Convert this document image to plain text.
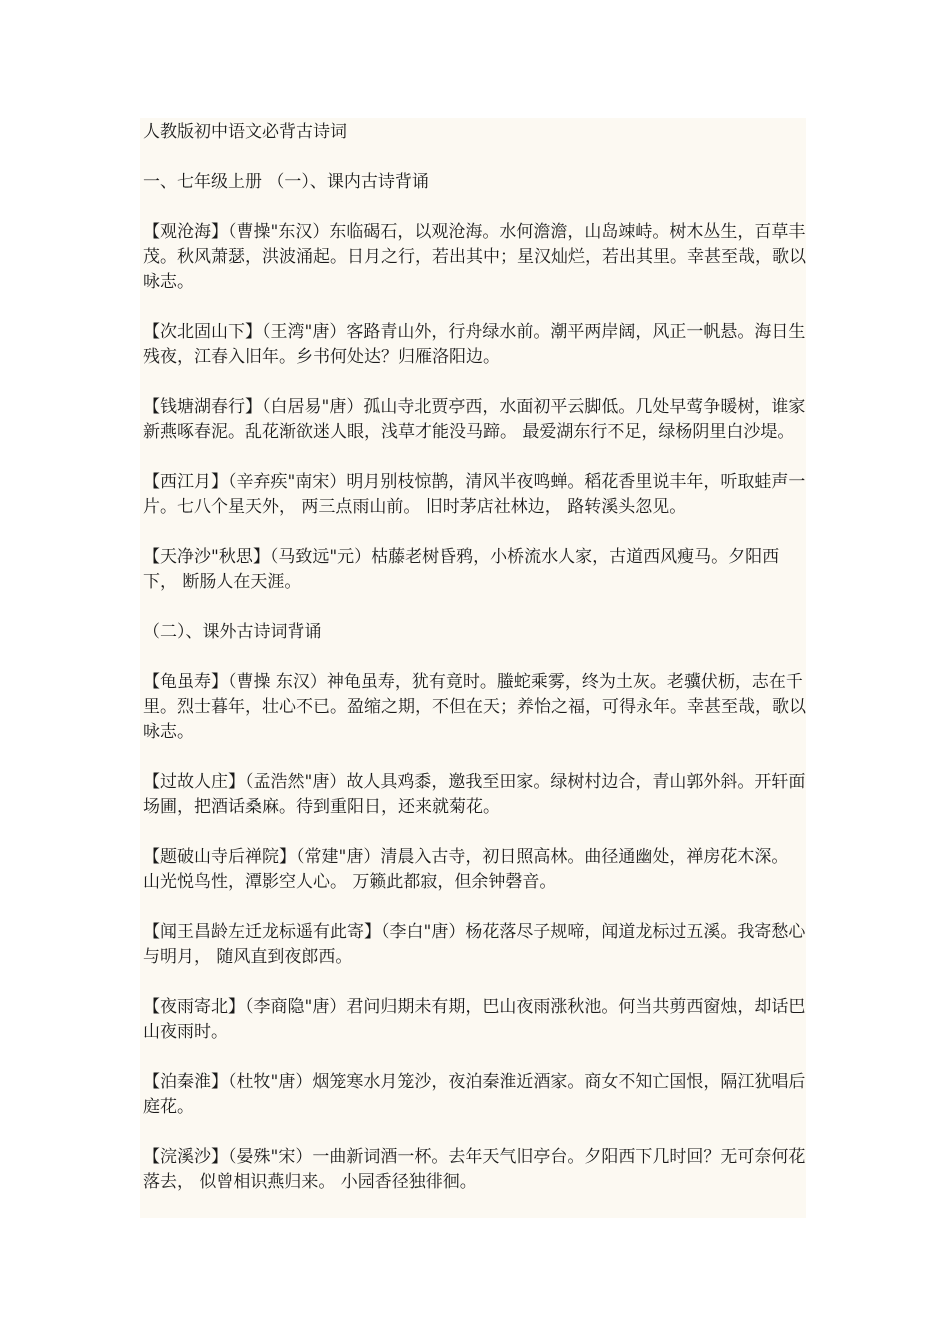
人教版初中语文必背古诗词

一、七年级上册 （一）、课内古诗背诵

【观沧海】（曹操"东汉）东临碣石，以观沧海。水何澹澹，山岛竦峙。树木丛生，百草丰茂。秋风萧瑟，洪波涌起。日月之行，若出其中；星汉灿烂，若出其里。幸甚至哉，歌以咏志。

【次北固山下】（王湾"唐）客路青山外，行舟绿水前。潮平两岸阔，风正一帆悬。海日生残夜，江春入旧年。乡书何处达？归雁洛阳边。

【钱塘湖春行】（白居易"唐）孤山寺北贾亭西，水面初平云脚低。几处早莺争暖树，谁家新燕啄春泥。乱花渐欲迷人眼，浅草才能没马蹄。 最爱湖东行不足，绿杨阴里白沙堤。

【西江月】（辛弃疾"南宋）明月别枝惊鹊，清风半夜鸣蝉。稻花香里说丰年，听取蛙声一片。七八个星天外， 两三点雨山前。 旧时茅店社林边， 路转溪头忽见。

【天净沙"秋思】（马致远"元）枯藤老树昏鸦，小桥流水人家，古道西风瘦马。夕阳西下， 断肠人在天涯。

（二）、课外古诗词背诵

【龟虽寿】（曹操 东汉）神龟虽寿，犹有竟时。螣蛇乘雾，终为土灰。老骥伏枥，志在千里。烈士暮年，壮心不已。盈缩之期，不但在天；养怡之福，可得永年。幸甚至哉，歌以咏志。

【过故人庄】（孟浩然"唐）故人具鸡黍，邀我至田家。绿树村边合，青山郭外斜。开轩面场圃，把酒话桑麻。待到重阳日，还来就菊花。

【题破山寺后禅院】（常建"唐）清晨入古寺，初日照高林。曲径通幽处，禅房花木深。 山光悦鸟性，潭影空人心。 万籁此都寂，但余钟磬音。

【闻王昌龄左迁龙标遥有此寄】（李白"唐）杨花落尽子规啼，闻道龙标过五溪。我寄愁心与明月， 随风直到夜郎西。

【夜雨寄北】（李商隐"唐）君问归期未有期，巴山夜雨涨秋池。何当共剪西窗烛，却话巴山夜雨时。

【泊秦淮】（杜牧"唐）烟笼寒水月笼沙，夜泊秦淮近酒家。商女不知亡国恨，隔江犹唱后庭花。

【浣溪沙】（晏殊"宋）一曲新词酒一杯。去年天气旧亭台。夕阳西下几时回？无可奈何花落去， 似曾相识燕归来。 小园香径独徘徊。
